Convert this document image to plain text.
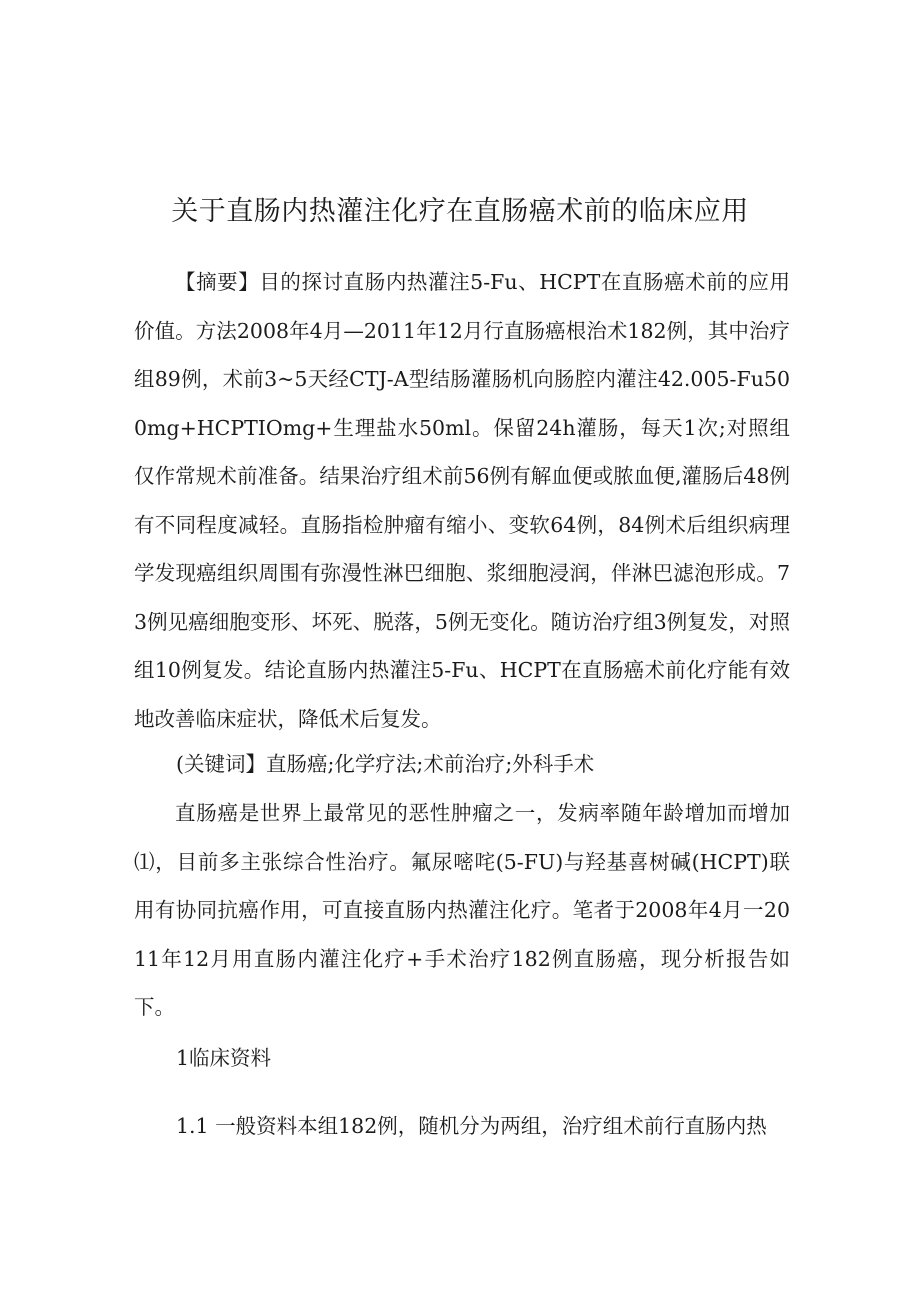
关于直肠内热灌注化疗在直肠癌术前的临床应用

【摘要】目的探讨直肠内热灌注5-Fu、HCPT在直肠癌术前的应用价值。方法2008年4月—2011年12月行直肠癌根治术182例，其中治疗组89例，术前3~5天经CTJ-A型结肠灌肠机向肠腔内灌注42.005-Fu500mg+HCPTIOmg+生理盐水50ml。保留24h灌肠，每天1次;对照组仅作常规术前准备。结果治疗组术前56例有解血便或脓血便,灌肠后48例有不同程度减轻。直肠指检肿瘤有缩小、变软64例，84例术后组织病理学发现癌组织周围有弥漫性淋巴细胞、浆细胞浸润，伴淋巴滤泡形成。73例见癌细胞变形、坏死、脱落，5例无变化。随访治疗组3例复发，对照组10例复发。结论直肠内热灌注5-Fu、HCPT在直肠癌术前化疗能有效地改善临床症状，降低术后复发。

(关键词】直肠癌;化学疗法;术前治疗;外科手术

直肠癌是世界上最常见的恶性肿瘤之一，发病率随年龄增加而增加⑴，目前多主张综合性治疗。氟尿嘧咤(5-FU)与羟基喜树碱(HCPT)联用有协同抗癌作用，可直接直肠内热灌注化疗。笔者于2008年4月一2011年12月用直肠内灌注化疗+手术治疗182例直肠癌，现分析报告如下。

1临床资料
1.1 一般资料本组182例，随机分为两组，治疗组术前行直肠内热
